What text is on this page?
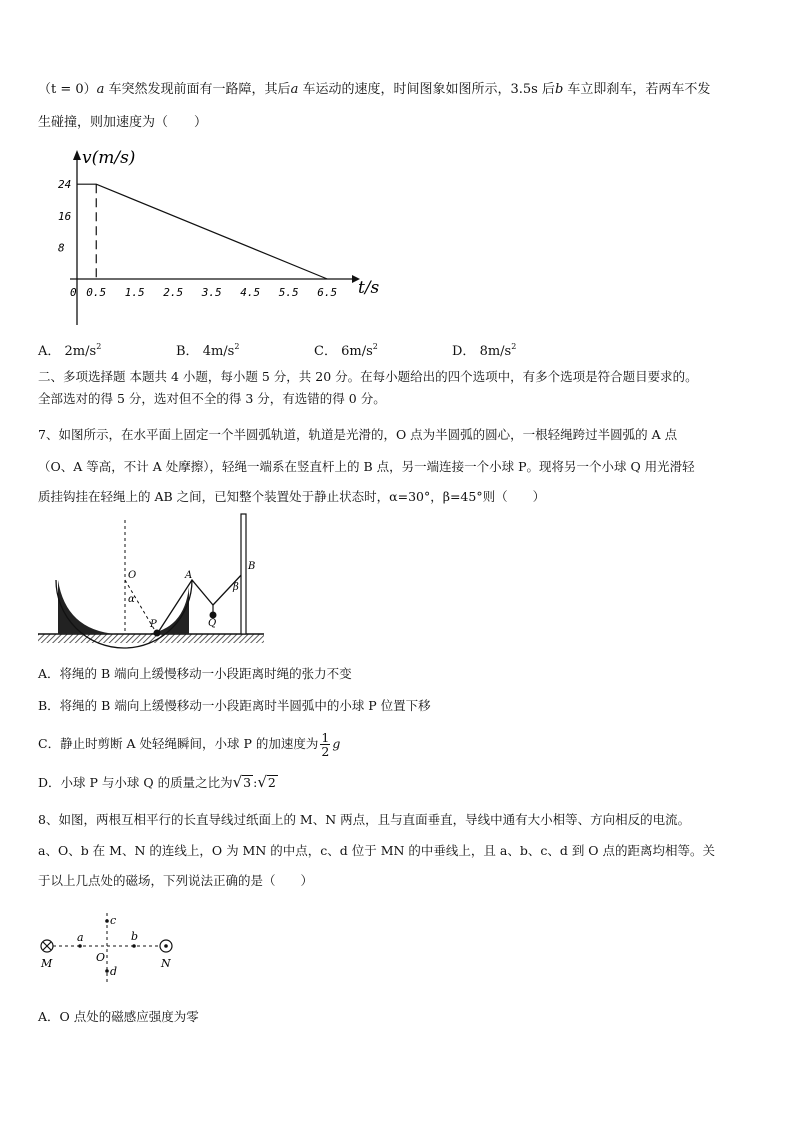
（t = 0）a 车突然发现前面有一路障，其后a 车运动的速度，时间图象如图所示，3.5s 后b 车立即刹车，若两车不发
生碰撞，则加速度为（　　）
v(m/s)
t/s
0
24
16
8
0.5 1.5 2.5 3.5 4.5 5.5 6.5
A． $2m/s^2$	B． $4m/s^2$	C． $6m/s^2$	D． $8m/s^2$
二、多项选择题 本题共 4 小题，每小题 5 分，共 20 分。在每小题给出的四个选项中，有多个选项是符合题目要求的。
全部选对的得 5 分，选对但不全的得 3 分，有选错的得 0 分。
7、如图所示，在水平面上固定一个半圆弧轨道，轨道是光滑的，O 点为半圆弧的圆心，一根轻绳跨过半圆弧的 A 点
（O、A 等高，不计 A 处摩擦），轻绳一端系在竖直杆上的 B 点，另一端连接一个小球 P。现将另一个小球 Q 用光滑轻
质挂钩挂在轻绳上的 AB 之间，已知整个装置处于静止状态时，α=30°，β=45°则（　　）
O
α
A
P	Q
β
B
A．将绳的 B 端向上缓慢移动一小段距离时绳的张力不变
B．将绳的 B 端向上缓慢移动一小段距离时半圆弧中的小球 P 位置下移
C．静止时剪断 A 处轻绳瞬间，小球 P 的加速度为 $\frac{1}{2}$ g
D．小球 P 与小球 Q 的质量之比为√3 :√2
8、如图，两根互相平行的长直导线过纸面上的 M、N 两点，且与直面垂直，导线中通有大小相等、方向相反的电流。
a、O、b 在 M、N 的连线上，O 为 MN 的中点，c、d 位于 MN 的中垂线上，且 a、b、c、d 到 O 点的距离均相等。关
于以上几点处的磁场，下列说法正确的是（　　）
M	N
O
a	b
c
d
A．O 点处的磁感应强度为零
